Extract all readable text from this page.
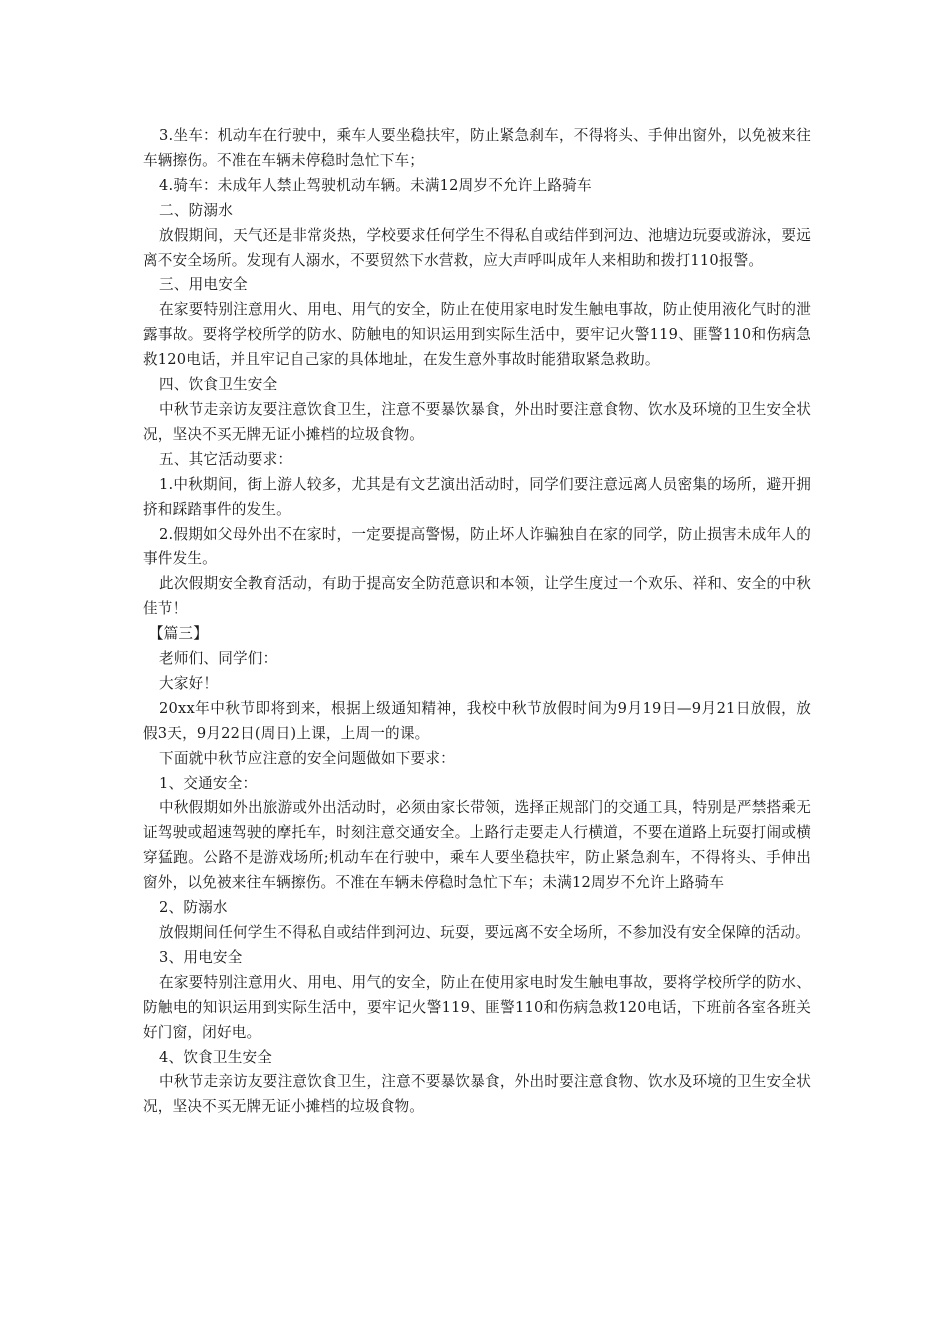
3.坐车：机动车在行驶中，乘车人要坐稳扶牢，防止紧急刹车，不得将头、手伸出窗外，以免被来往车辆擦伤。不准在车辆未停稳时急忙下车；

4.骑车：未成年人禁止驾驶机动车辆。未满12周岁不允许上路骑车

二、防溺水

放假期间，天气还是非常炎热，学校要求任何学生不得私自或结伴到河边、池塘边玩耍或游泳，要远离不安全场所。发现有人溺水，不要贸然下水营救，应大声呼叫成年人来相助和拨打110报警。

三、用电安全

在家要特别注意用火、用电、用气的安全，防止在使用家电时发生触电事故，防止使用液化气时的泄露事故。要将学校所学的防水、防触电的知识运用到实际生活中，要牢记火警119、匪警110和伤病急救120电话，并且牢记自己家的具体地址，在发生意外事故时能猎取紧急救助。

四、饮食卫生安全

中秋节走亲访友要注意饮食卫生，注意不要暴饮暴食，外出时要注意食物、饮水及环境的卫生安全状况，坚决不买无牌无证小摊档的垃圾食物。

五、其它活动要求：

1.中秋期间，街上游人较多，尤其是有文艺演出活动时，同学们要注意远离人员密集的场所，避开拥挤和踩踏事件的发生。

2.假期如父母外出不在家时，一定要提高警惕，防止坏人诈骗独自在家的同学，防止损害未成年人的事件发生。

此次假期安全教育活动，有助于提高安全防范意识和本领，让学生度过一个欢乐、祥和、安全的中秋佳节！

【篇三】

老师们、同学们：

大家好！

20xx年中秋节即将到来，根据上级通知精神，我校中秋节放假时间为9月19日—9月21日放假，放假3天，9月22日(周日)上课，上周一的课。

下面就中秋节应注意的安全问题做如下要求：

1、交通安全：

中秋假期如外出旅游或外出活动时，必须由家长带领，选择正规部门的交通工具，特别是严禁搭乘无证驾驶或超速驾驶的摩托车，时刻注意交通安全。上路行走要走人行横道，不要在道路上玩耍打闹或横穿猛跑。公路不是游戏场所;机动车在行驶中，乘车人要坐稳扶牢，防止紧急刹车，不得将头、手伸出窗外，以免被来往车辆擦伤。不准在车辆未停稳时急忙下车；未满12周岁不允许上路骑车

2、防溺水

放假期间任何学生不得私自或结伴到河边、玩耍，要远离不安全场所，不参加没有安全保障的活动。

3、用电安全

在家要特别注意用火、用电、用气的安全，防止在使用家电时发生触电事故，要将学校所学的防水、防触电的知识运用到实际生活中，要牢记火警119、匪警110和伤病急救120电话，下班前各室各班关好门窗，闭好电。

4、饮食卫生安全

中秋节走亲访友要注意饮食卫生，注意不要暴饮暴食，外出时要注意食物、饮水及环境的卫生安全状况，坚决不买无牌无证小摊档的垃圾食物。
